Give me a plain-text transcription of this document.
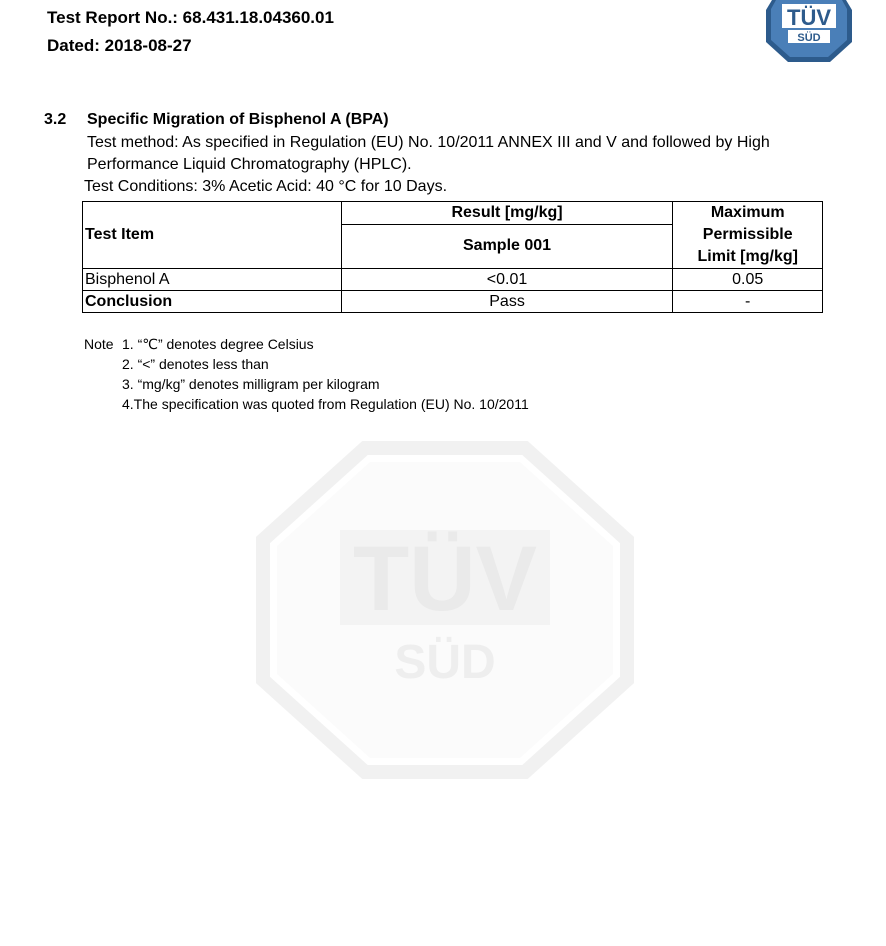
TÜV
SÜD
Test Report No.: 68.431.18.04360.01
Dated: 2018-08-27
TÜV
SÜD
3.2 Specific Migration of Bisphenol A (BPA)
Test method: As specified in Regulation (EU) No. 10/2011 ANNEX III and V and followed by High Performance Liquid Chromatography (HPLC).
Test Conditions: 3% Acetic Acid: 40 °C for 10 Days.
Test Item	Result [mg/kg]	Maximum
Permissible
Limit [mg/kg]

	Sample 001	
Bisphenol A	<0.01	0.05
Conclusion	Pass	-
Note 1. “℃” denotes degree Celsius
2. “<” denotes less than
3. “mg/kg” denotes milligram per kilogram
4.The specification was quoted from Regulation (EU) No. 10/2011
